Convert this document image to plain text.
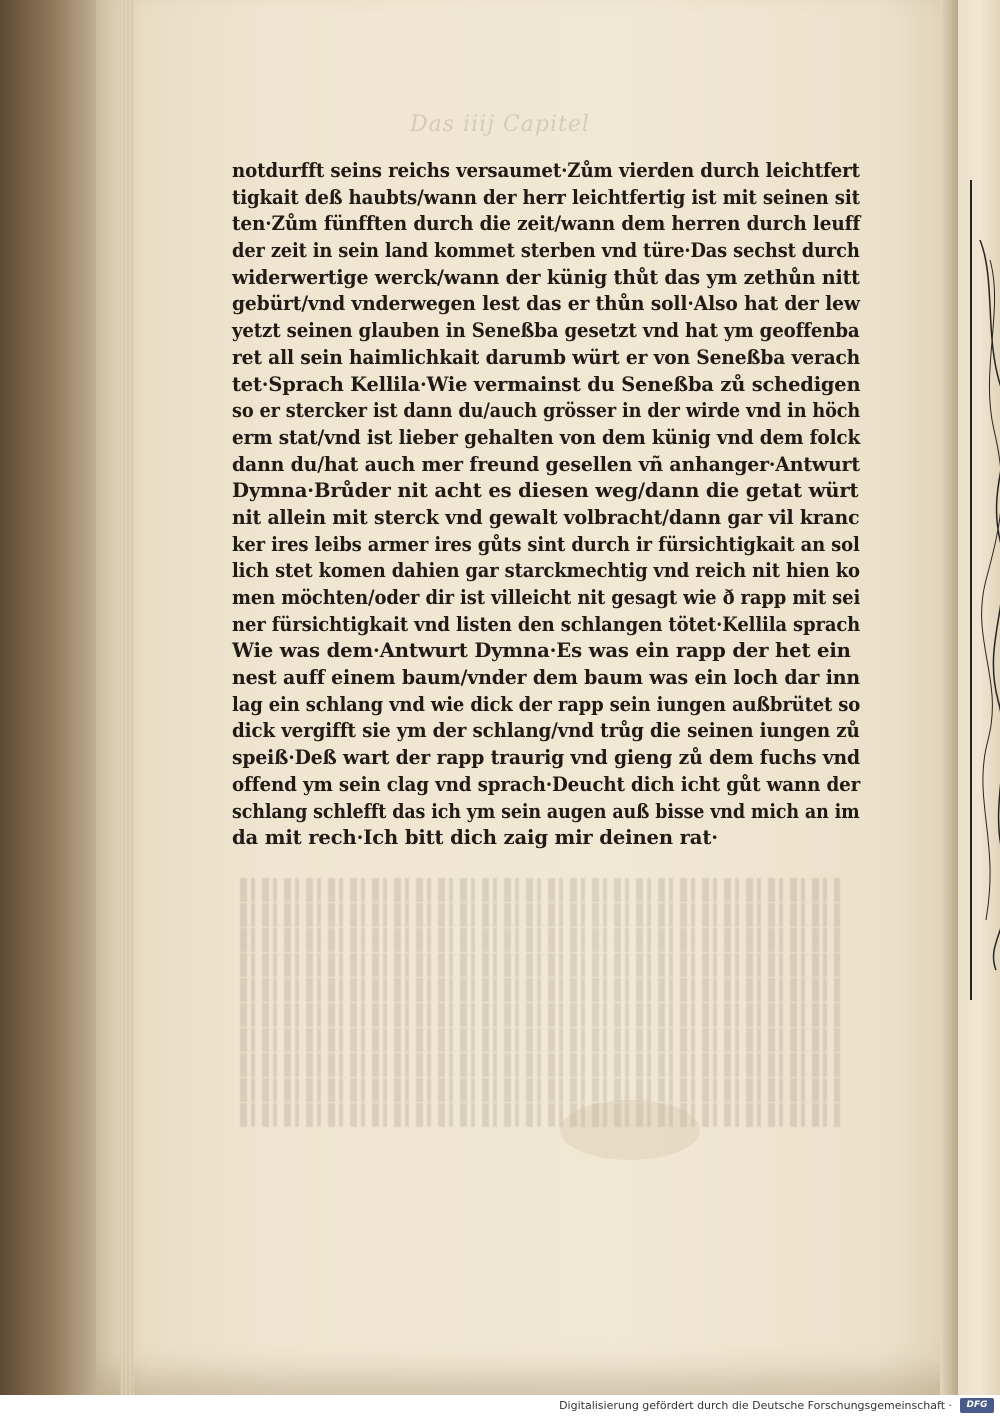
Das iiij Capitel
notdurfft seins reichs versaumet·Zům vierden durch leichtfert
tigkait deß haubts/wann der herr leichtfertig ist mit seinen sit
ten·Zům fünfften durch die zeit/wann dem herren durch leuff
der zeit in sein land kommet sterben vnd türe·Das sechst durch
widerwertige werck/wann der künig thůt das ym zethůn nitt
gebürt/vnd vnderwegen lest das er thůn soll·Also hat der lew
yetzt seinen glauben in Seneßba gesetzt vnd hat ym geoffenba
ret all sein haimlichkait darumb würt er von Seneßba verach
tet·Sprach Kellila·Wie vermainst du Seneßba zů schedigen
so er stercker ist dann du/auch grösser in der wirde vnd in höch
erm stat/vnd ist lieber gehalten von dem künig vnd dem folck
dann du/hat auch mer freund gesellen vñ anhanger·Antwurt
Dymna·Brůder nit acht es diesen weg/dann die getat würt
nit allein mit sterck vnd gewalt volbracht/dann gar vil kranc
ker ires leibs armer ires gůts sint durch ir fürsichtigkait an sol
lich stet komen dahien gar starckmechtig vnd reich nit hien ko
men möchten/oder dir ist villeicht nit gesagt wie ð rapp mit sei
ner fürsichtigkait vnd listen den schlangen tötet·Kellila sprach
Wie was dem·Antwurt Dymna·Es was ein rapp der het ein
nest auff einem baum/vnder dem baum was ein loch dar inn
lag ein schlang vnd wie dick der rapp sein iungen außbrütet so
dick vergifft sie ym der schlang/vnd trůg die seinen iungen zů
speiß·Deß wart der rapp traurig vnd gieng zů dem fuchs vnd
offend ym sein clag vnd sprach·Deucht dich icht gůt wann der
schlang schlefft das ich ym sein augen auß bisse vnd mich an im
da mit rech·Ich bitt dich zaig mir deinen rat·
Digitalisierung gefördert durch die Deutsche Forschungsgemeinschaft ·	DFG
